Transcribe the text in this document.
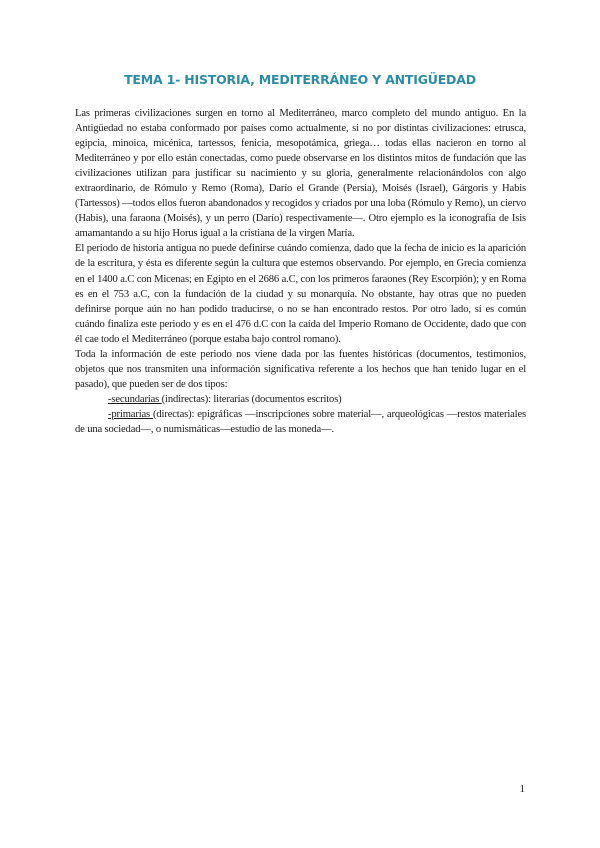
TEMA 1- HISTORIA, MEDITERRÁNEO Y ANTIGÜEDAD

Las primeras civilizaciones surgen en torno al Mediterráneo, marco completo del mundo antiguo. En la Antigüedad no estaba conformado por países como actualmente, si no por distintas civilizaciones: etrusca, egipcia, minoica, micénica, tartessos, fenicia, mesopotámica, griega… todas ellas nacieron en torno al Mediterráneo y por ello están conectadas, como puede observarse en los distintos mitos de fundación que las civilizaciones utilizan para justificar su nacimiento y su gloria, generalmente relacionándolos con algo extraordinario, de Rómulo y Remo (Roma), Darío el Grande (Persia), Moisés (Israel), Gárgoris y Habis (Tartessos) —todos ellos fueron abandonados y recogidos y criados por una loba (Rómulo y Remo), un ciervo (Habis), una faraona (Moisés), y un perro (Darío) respectivamente—. Otro ejemplo es la iconografía de Isis amamantando a su hijo Horus igual a la cristiana de la virgen María.

El periodo de historia antigua no puede definirse cuándo comienza, dado que la fecha de inicio es la aparición de la escritura, y ésta es diferente según la cultura que estemos observando. Por ejemplo, en Grecia comienza en el 1400 a.C con Micenas; en Egipto en el 2686 a.C, con los primeros faraones (Rey Escorpión); y en Roma es en el 753 a.C, con la fundación de la ciudad y su monarquía. No obstante, hay otras que no pueden definirse porque aún no han podido traducirse, o no se han encontrado restos. Por otro lado, sí es común cuándo finaliza este periodo y es en el 476 d.C con la caída del Imperio Romano de Occidente, dado que con él cae todo el Mediterráneo (porque estaba bajo control romano).

Toda la información de este periodo nos viene dada por las fuentes históricas (documentos, testimonios, objetos que nos transmiten una información significativa referente a los hechos que han tenido lugar en el pasado), que pueden ser de dos tipos:

-secundarias (indirectas): literarias (documentos escritos)

-primarias (directas): epigráficas —inscripciones sobre material—, arqueológicas —restos materiales de una sociedad—, o numismáticas—estudio de las moneda—.

1
